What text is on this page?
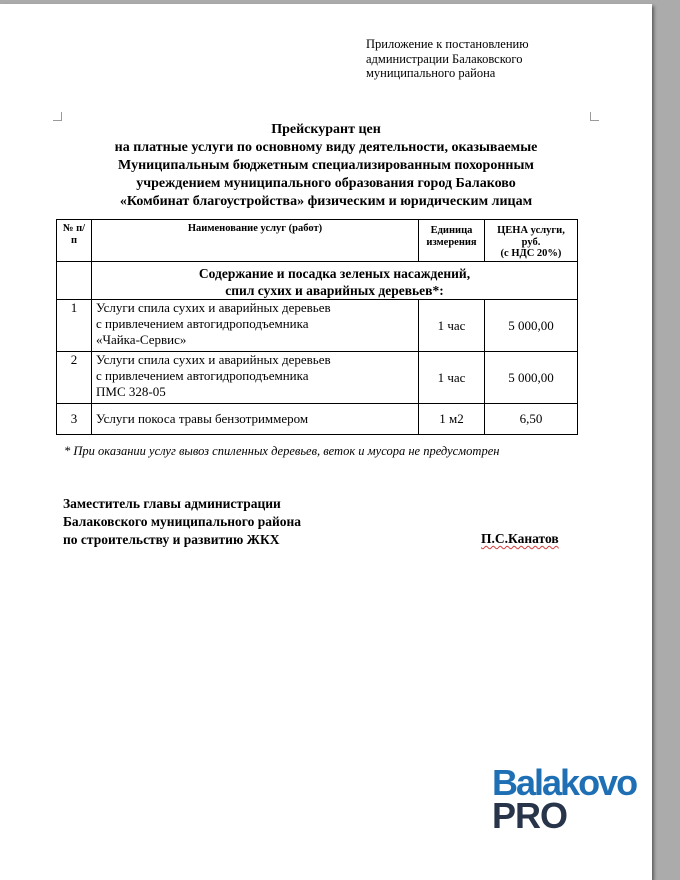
Приложение к постановлению
администрации Балаковского
муниципального района
Прейскурант цен
на платные услуги по основному виду деятельности, оказываемые
Муниципальным бюджетным специализированным похоронным
учреждением муниципального образования город Балаково
«Комбинат благоустройства» физическим и юридическим лицам
№ п/п	Наименование услуг (работ)	Единица измерения	ЦЕНА услуги, руб.
(с НДС 20%)

	Содержание и посадка зеленых насаждений,
спил сухих и аварийных деревьев*:		

1	Услуги спила сухих и аварийных деревьев
с привлечением автогидроподъемника
«Чайка-Сервис»	1 час	5 000,00
2	Услуги спила сухих и аварийных деревьев
с привлечением автогидроподъемника
ПМС 328-05	1 час	5 000,00
3	Услуги покоса травы бензотриммером	1 м2	6,50
* При оказании услуг вывоз спиленных деревьев, веток и мусора не предусмотрен
Заместитель главы администрации
Балаковского муниципального района
по строительству и развитию ЖКХ	П.С.Канатов
Balakovo
PRO
